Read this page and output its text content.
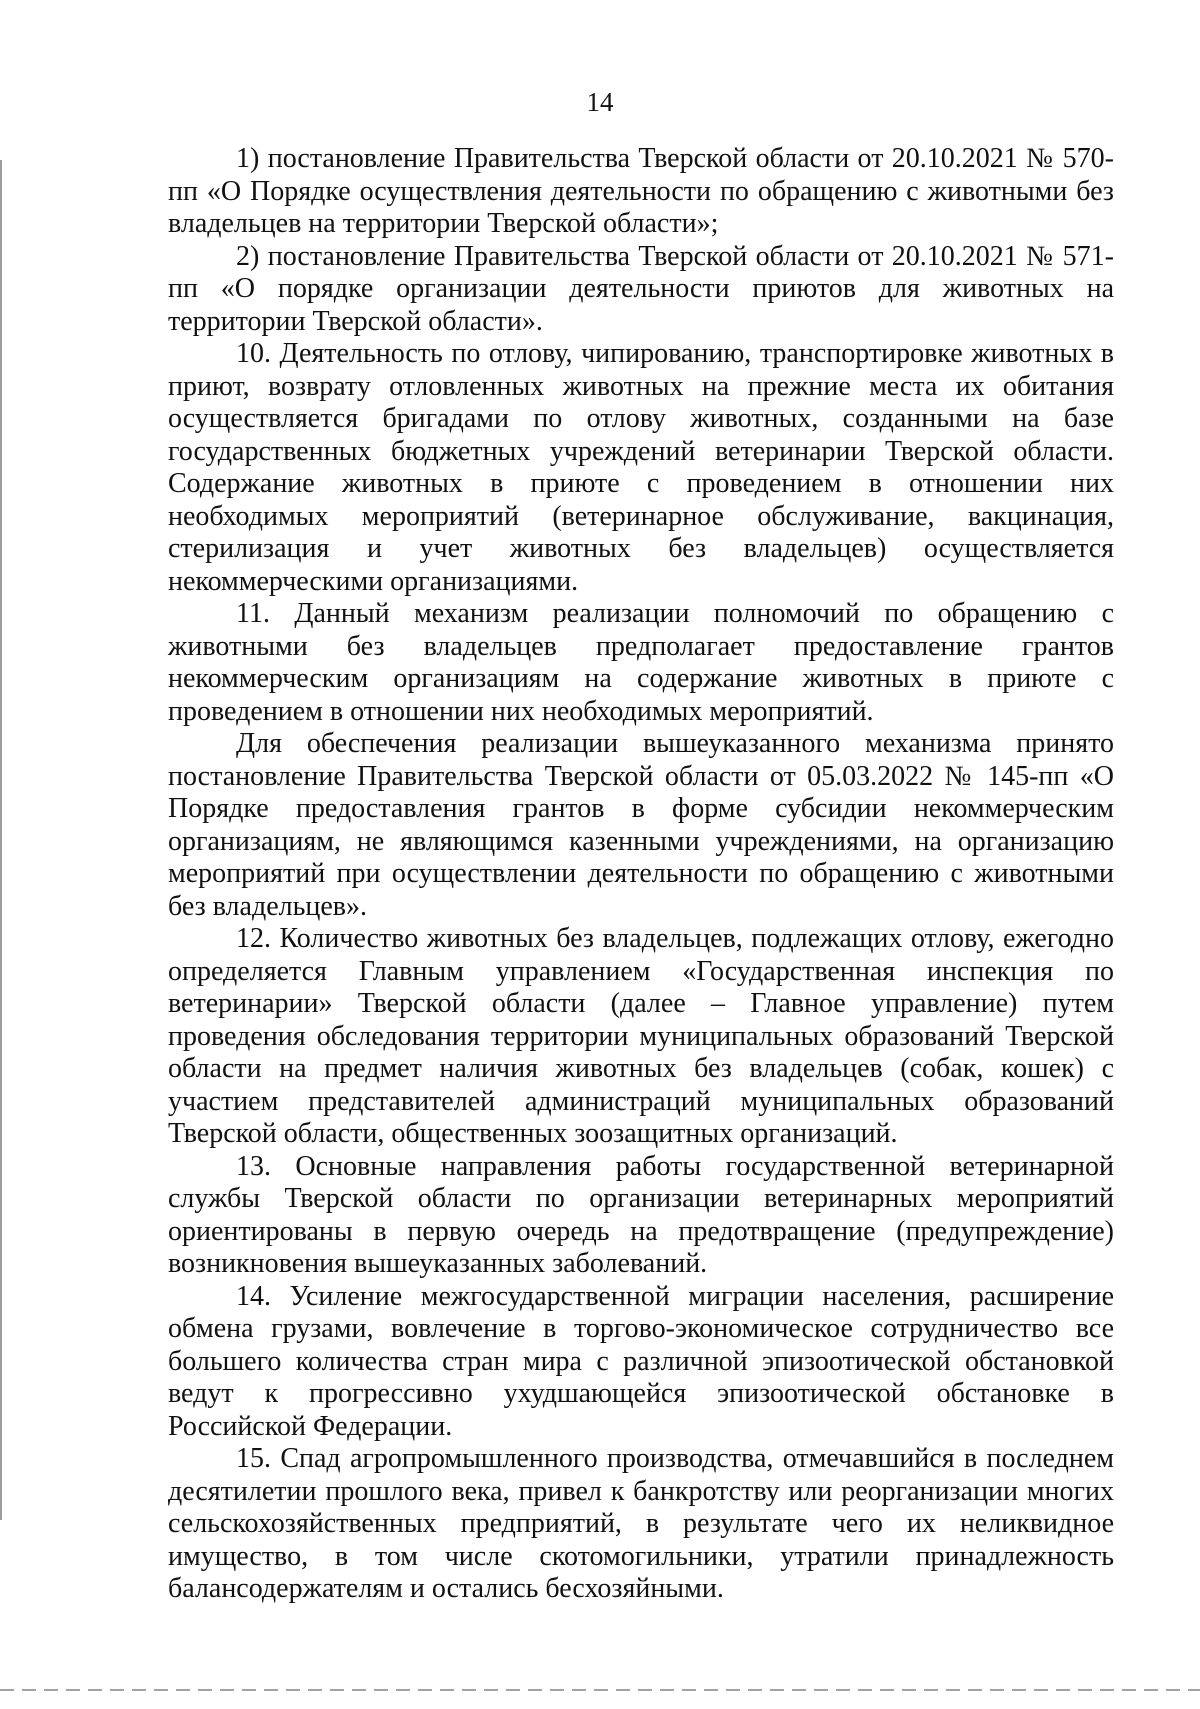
14

1) постановление Правительства Тверской области от 20.10.2021 № 570-пп «О Порядке осуществления деятельности по обращению с животными без владельцев на территории Тверской области»;

2) постановление Правительства Тверской области от 20.10.2021 № 571-пп «О порядке организации деятельности приютов для животных на территории Тверской области».

10. Деятельность по отлову, чипированию, транспортировке животных в приют, возврату отловленных животных на прежние места их обитания осуществляется бригадами по отлову животных, созданными на базе государственных бюджетных учреждений ветеринарии Тверской области. Содержание животных в приюте с проведением в отношении них необходимых мероприятий (ветеринарное обслуживание, вакцинация, стерилизация и учет животных без владельцев) осуществляется некоммерческими организациями.

11. Данный механизм реализации полномочий по обращению с животными без владельцев предполагает предоставление грантов некоммерческим организациям на содержание животных в приюте с проведением в отношении них необходимых мероприятий.

Для обеспечения реализации вышеуказанного механизма принято постановление Правительства Тверской области от 05.03.2022 № 145-пп «О Порядке предоставления грантов в форме субсидии некоммерческим организациям, не являющимся казенными учреждениями, на организацию мероприятий при осуществлении деятельности по обращению с животными без владельцев».

12. Количество животных без владельцев, подлежащих отлову, ежегодно определяется Главным управлением «Государственная инспекция по ветеринарии» Тверской области (далее – Главное управление) путем проведения обследования территории муниципальных образований Тверской области на предмет наличия животных без владельцев (собак, кошек) с участием представителей администраций муниципальных образований Тверской области, общественных зоозащитных организаций.

13. Основные направления работы государственной ветеринарной службы Тверской области по организации ветеринарных мероприятий ориентированы в первую очередь на предотвращение (предупреждение) возникновения вышеуказанных заболеваний.

14. Усиление межгосударственной миграции населения, расширение обмена грузами, вовлечение в торгово-экономическое сотрудничество все большего количества стран мира с различной эпизоотической обстановкой ведут к прогрессивно ухудшающейся эпизоотической обстановке в Российской Федерации.

15. Спад агропромышленного производства, отмечавшийся в последнем десятилетии прошлого века, привел к банкротству или реорганизации многих сельскохозяйственных предприятий, в результате чего их неликвидное имущество, в том числе скотомогильники, утратили принадлежность балансодержателям и остались бесхозяйными.
